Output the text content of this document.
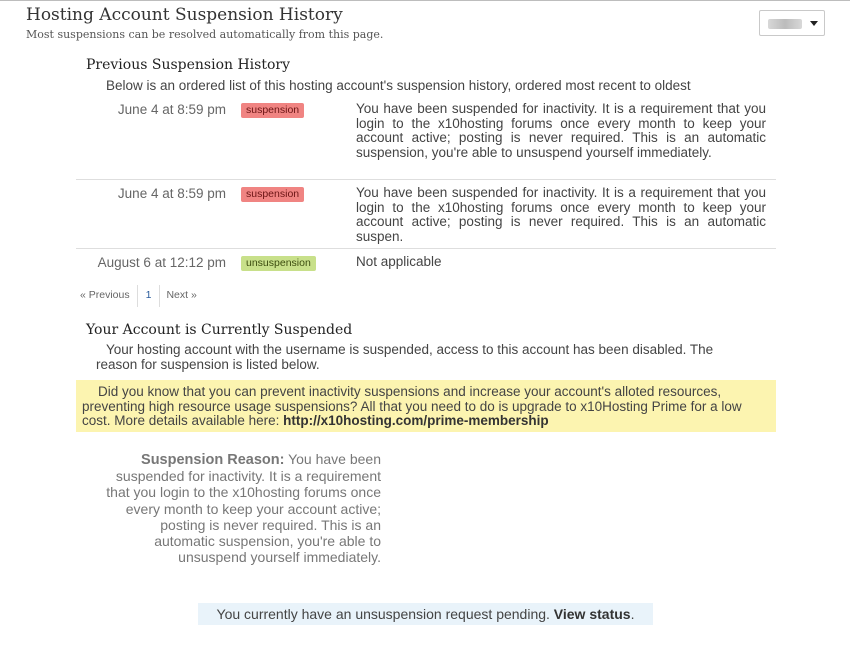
Hosting Account Suspension History
Most suspensions can be resolved automatically from this page.
Previous Suspension History
Below is an ordered list of this hosting account's suspension history, ordered most recent to oldest
June 4 at 8:59 pm	suspension	You have been suspended for inactivity. It is a requirement that you login to the x10hosting forums once every month to keep your account active; posting is never required. This is an automatic suspension, you're able to unsuspend yourself immediately.
June 4 at 8:59 pm	suspension	You have been suspended for inactivity. It is a requirement that you login to the x10hosting forums once every month to keep your account active; posting is never required. This is an automatic suspen.
August 6 at 12:12 pm	unsuspension	Not applicable
« Previous	1	Next »
Your Account is Currently Suspended
Your hosting account with the username is suspended, access to this account has been disabled. The reason for suspension is listed below.
Did you know that you can prevent inactivity suspensions and increase your account's alloted resources, preventing high resource usage suspensions? All that you need to do is upgrade to x10Hosting Prime for a low cost. More details available here: http://x10hosting.com/prime-membership
Suspension Reason: You have been suspended for inactivity. It is a requirement that you login to the x10hosting forums once every month to keep your account active; posting is never required. This is an automatic suspension, you're able to unsuspend yourself immediately.
You currently have an unsuspension request pending. View status.
